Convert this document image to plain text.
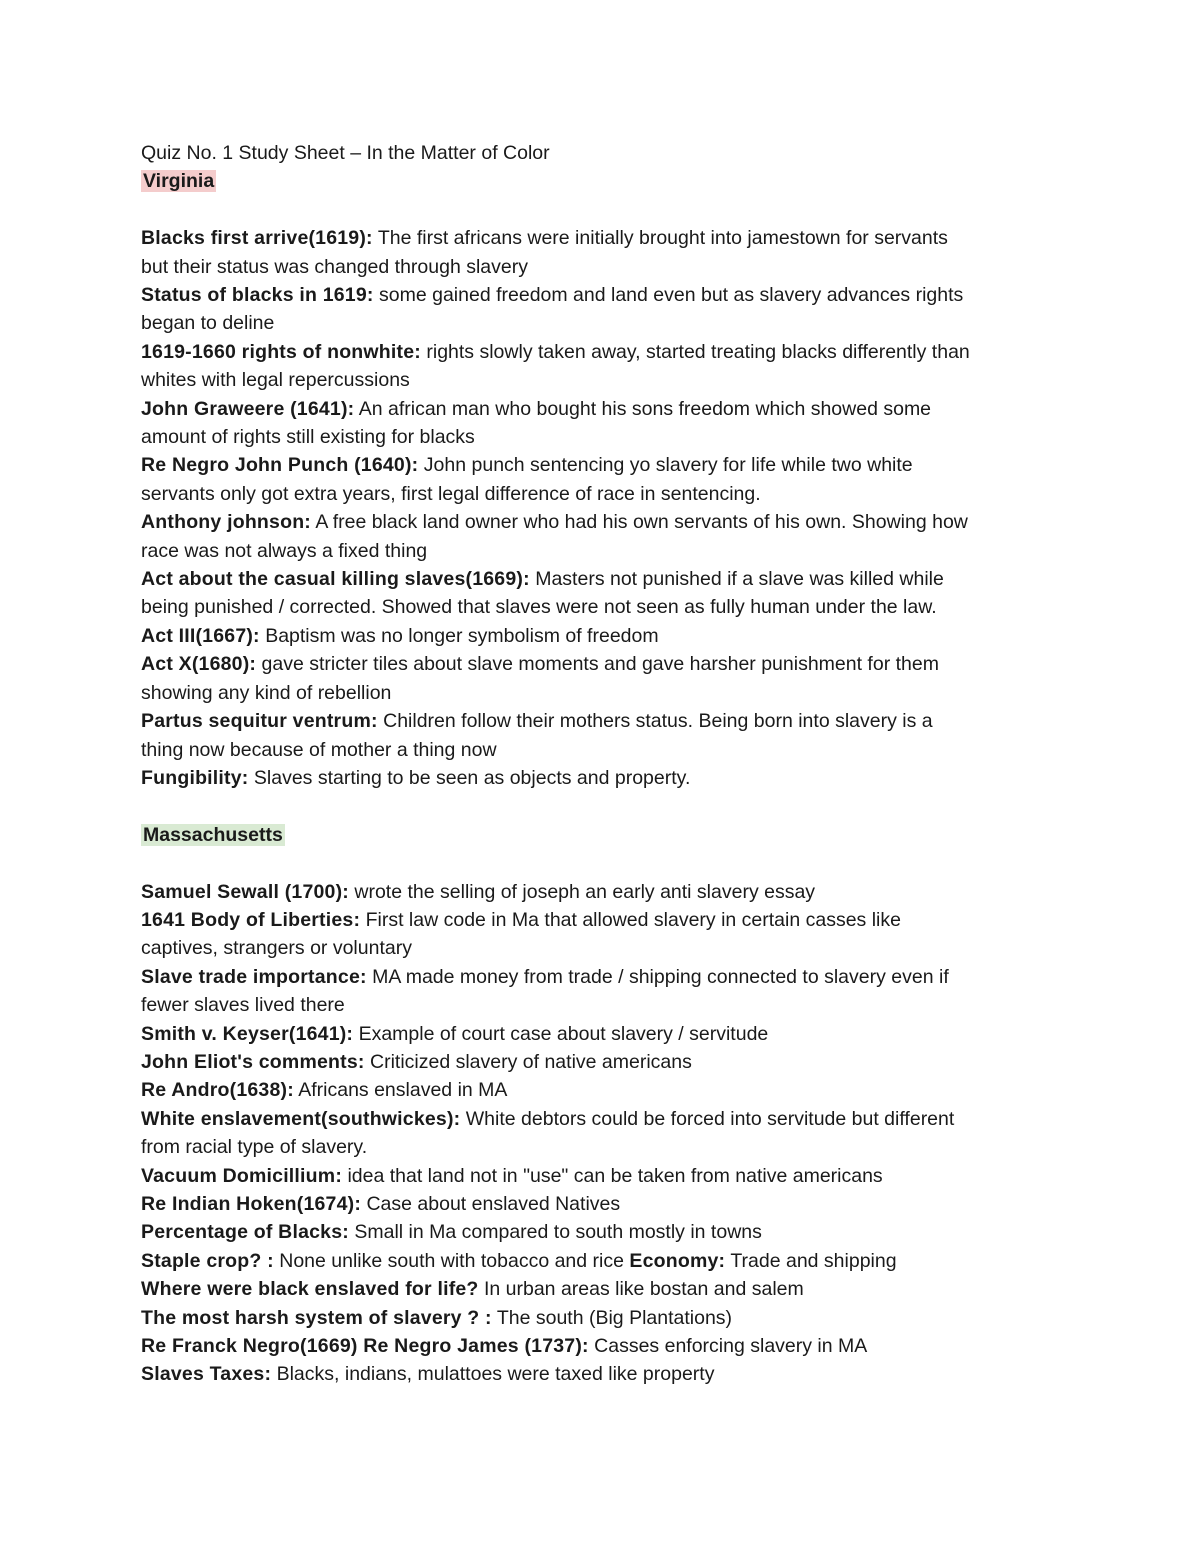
Quiz No. 1 Study Sheet – In the Matter of Color
Virginia

Blacks first arrive(1619): The first africans were initially brought into jamestown for servants

but their status was changed through slavery

Status of blacks in 1619: some gained freedom and land even but as slavery advances rights

began to deline

1619-1660 rights of nonwhite: rights slowly taken away, started treating blacks differently than

whites with legal repercussions

John Graweere (1641): An african man who bought his sons freedom which showed some

amount of rights still existing for blacks

Re Negro John Punch (1640): John punch sentencing yo slavery for life while two white

servants only got extra years, first legal difference of race in sentencing.

Anthony johnson: A free black land owner who had his own servants of his own. Showing how

race was not always a fixed thing

Act about the casual killing slaves(1669): Masters not punished if a slave was killed while

being punished / corrected. Showed that slaves were not seen as fully human under the law.

Act III(1667): Baptism was no longer symbolism of freedom

Act X(1680): gave stricter tiles about slave moments and gave harsher punishment for them

showing any kind of rebellion

Partus sequitur ventrum: Children follow their mothers status. Being born into slavery is a

thing now because of mother a thing now

Fungibility: Slaves starting to be seen as objects and property.

Massachusetts

Samuel Sewall (1700): wrote the selling of joseph an early anti slavery essay

1641 Body of Liberties: First law code in Ma that allowed slavery in certain casses like

captives, strangers or voluntary

Slave trade importance: MA made money from trade / shipping connected to slavery even if

fewer slaves lived there

Smith v. Keyser(1641): Example of court case about slavery / servitude

John Eliot's comments: Criticized slavery of native americans

Re Andro(1638): Africans enslaved in MA

White enslavement(southwickes): White debtors could be forced into servitude but different

from racial type of slavery.

Vacuum Domicillium: idea that land not in "use" can be taken from native americans

Re Indian Hoken(1674): Case about enslaved Natives

Percentage of Blacks: Small in Ma compared to south mostly in towns

Staple crop? : None unlike south with tobacco and rice Economy: Trade and shipping

Where were black enslaved for life? In urban areas like bostan and salem

The most harsh system of slavery ? : The south (Big Plantations)

Re Franck Negro(1669) Re Negro James (1737): Casses enforcing slavery in MA

Slaves Taxes: Blacks, indians, mulattoes were taxed like property
